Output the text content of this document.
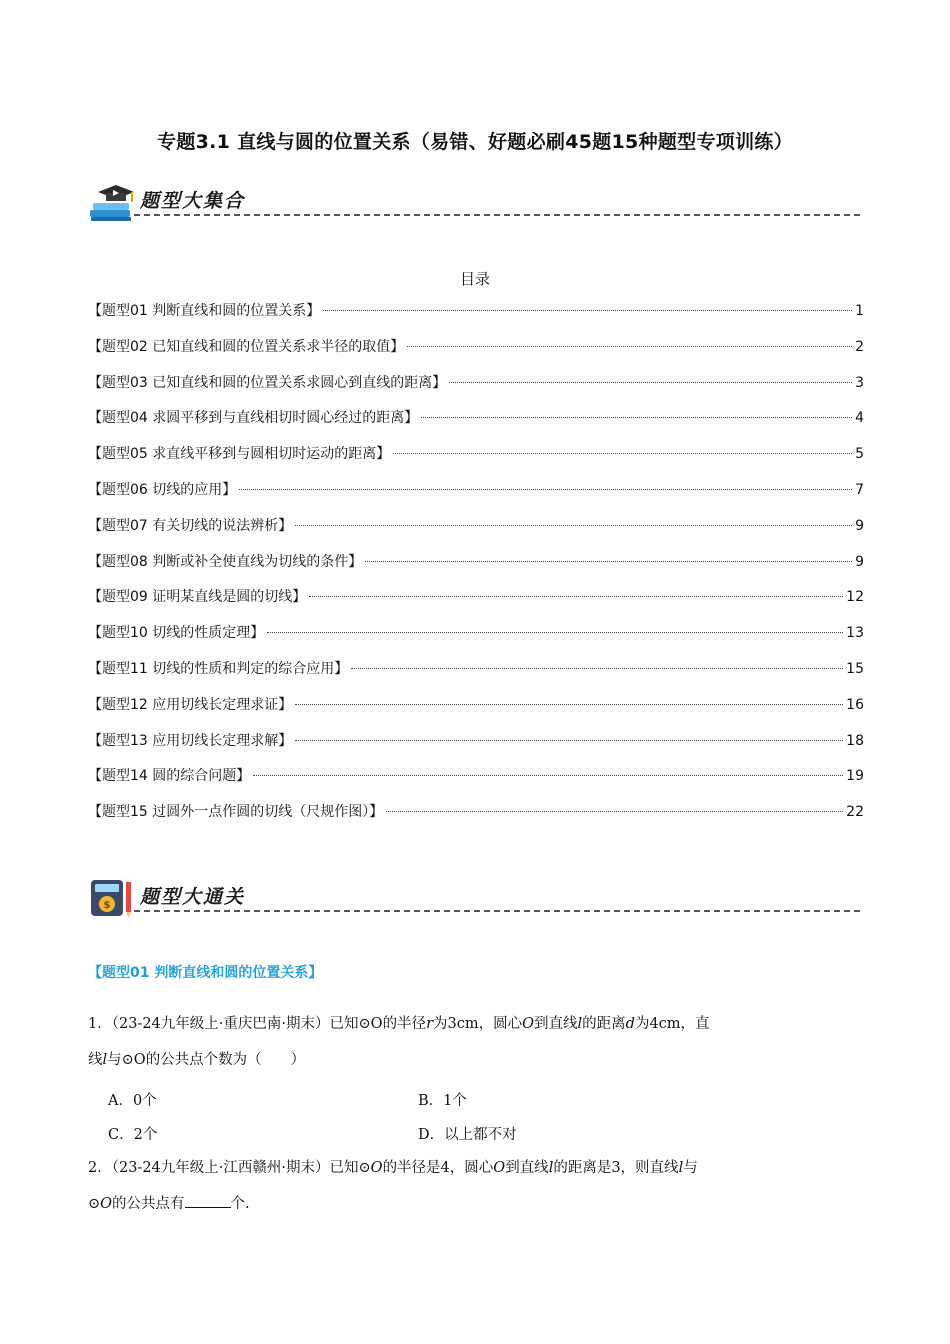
专题3.1 直线与圆的位置关系（易错、好题必刷45题15种题型专项训练）
题型大集合
目录
【题型01 判断直线和圆的位置关系】	1
【题型02 已知直线和圆的位置关系求半径的取值】	2
【题型03 已知直线和圆的位置关系求圆心到直线的距离】	3
【题型04 求圆平移到与直线相切时圆心经过的距离】	4
【题型05 求直线平移到与圆相切时运动的距离】	5
【题型06 切线的应用】	7
【题型07 有关切线的说法辨析】	9
【题型08 判断或补全使直线为切线的条件】	9
【题型09 证明某直线是圆的切线】	12
【题型10 切线的性质定理】	13
【题型11 切线的性质和判定的综合应用】	15
【题型12 应用切线长定理求证】	16
【题型13 应用切线长定理求解】	18
【题型14 圆的综合问题】	19
【题型15 过圆外一点作圆的切线（尺规作图）】	22
$ 题型大通关
【题型01 判断直线和圆的位置关系】
1．（23-24九年级上·重庆巴南·期末）已知⊙O的半径r为3cm，圆心O到直线l的距离d为4cm，直
线l与⊙O的公共点个数为（　　）
A．0个	B．1个
C．2个	D．以上都不对
2．（23-24九年级上·江西赣州·期末）已知⊙O的半径是4，圆心O到直线l的距离是3，则直线l与
⊙O的公共点有	个.
